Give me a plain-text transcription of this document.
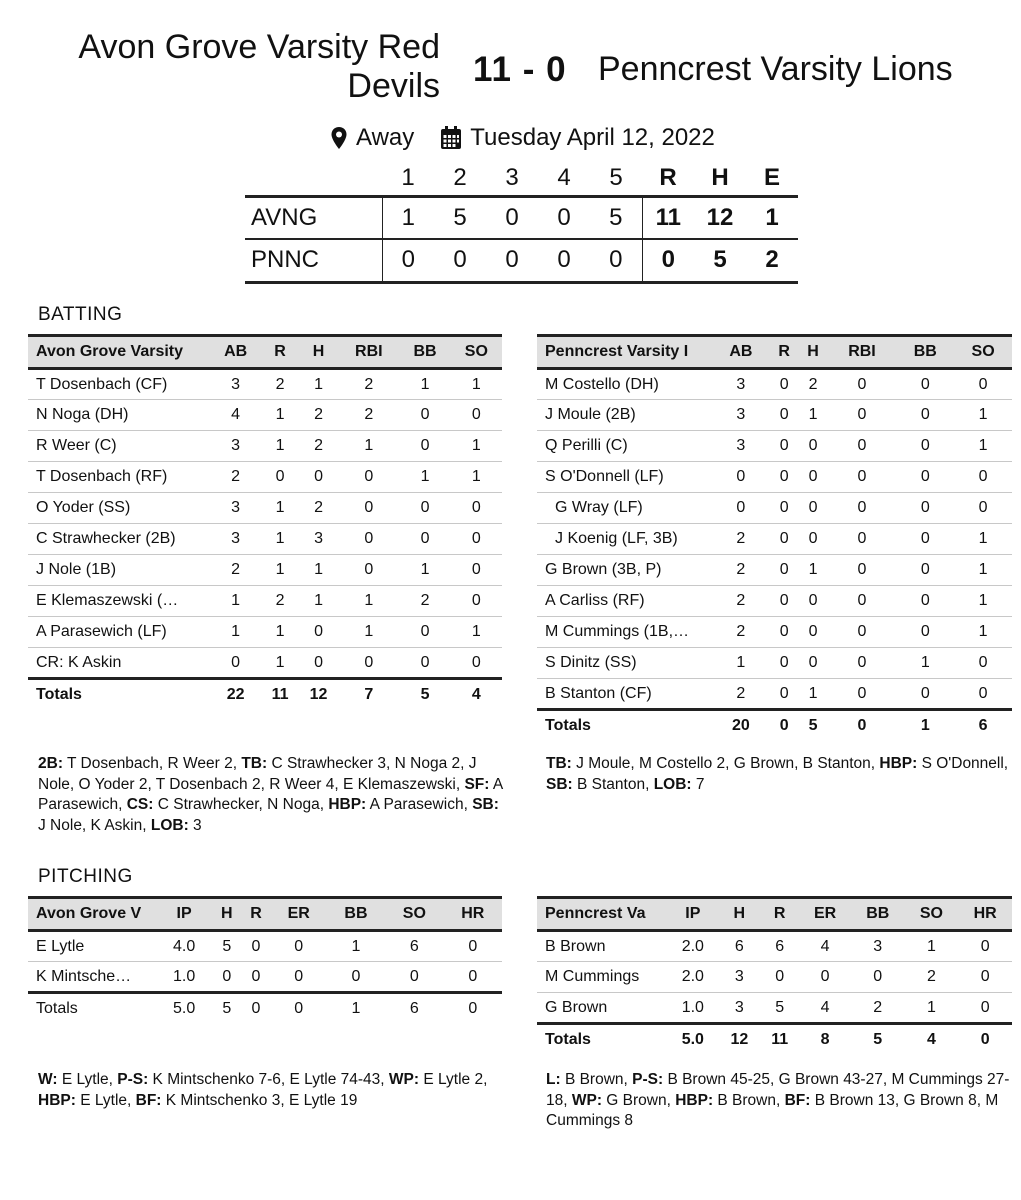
Avon Grove Varsity Red Devils 11 - 0 Penncrest Varsity Lions
Away Tuesday April 12, 2022
	1	2	3	4	5	R	H	E
AVNG	1	5	0	0	5	11	12	1
PNNC	0	0	0	0	0	0	5	2
BATTING
Avon Grove Varsity	AB	R	H	RBI	BB	SO
T Dosenbach (CF)	3	2	1	2	1	1
N Noga (DH)	4	1	2	2	0	0
R Weer (C)	3	1	2	1	0	1
T Dosenbach (RF)	2	0	0	0	1	1
O Yoder (SS)	3	1	2	0	0	0
C Strawhecker (2B)	3	1	3	0	0	0
J Nole (1B)	2	1	1	0	1	0
E Klemaszewski (…	1	2	1	1	2	0
A Parasewich (LF)	1	1	0	1	0	1
CR: K Askin	0	1	0	0	0	0
Totals	22	11	12	7	5	4
Penncrest Varsity I	AB	R	H	RBI	BB	SO
M Costello (DH)	3	0	2	0	0	0
J Moule (2B)	3	0	1	0	0	1
Q Perilli (C)	3	0	0	0	0	1
S O'Donnell (LF)	0	0	0	0	0	0
G Wray (LF)	0	0	0	0	0	0
J Koenig (LF, 3B)	2	0	0	0	0	1
G Brown (3B, P)	2	0	1	0	0	1
A Carliss (RF)	2	0	0	0	0	1
M Cummings (1B,…	2	0	0	0	0	1
S Dinitz (SS)	1	0	0	0	1	0
B Stanton (CF)	2	0	1	0	0	0
Totals	20	0	5	0	1	6
2B: T Dosenbach, R Weer 2, TB: C Strawhecker 3, N Noga 2, J Nole, O Yoder 2, T Dosenbach 2, R Weer 4, E Klemaszewski, SF: A Parasewich, CS: C Strawhecker, N Noga, HBP: A Parasewich, SB: J Nole, K Askin, LOB: 3
TB: J Moule, M Costello 2, G Brown, B Stanton, HBP: S O'Donnell, SB: B Stanton, LOB: 7
PITCHING
Avon Grove V	IP	H	R	ER	BB	SO	HR
E Lytle	4.0	5	0	0	1	6	0
K Mintsche…	1.0	0	0	0	0	0	0
Totals	5.0	5	0	0	1	6	0
Penncrest Va	IP	H	R	ER	BB	SO	HR
B Brown	2.0	6	6	4	3	1	0
M Cummings	2.0	3	0	0	0	2	0
G Brown	1.0	3	5	4	2	1	0
Totals	5.0	12	11	8	5	4	0
W: E Lytle, P-S: K Mintschenko 7-6, E Lytle 74-43, WP: E Lytle 2, HBP: E Lytle, BF: K Mintschenko 3, E Lytle 19
L: B Brown, P-S: B Brown 45-25, G Brown 43-27, M Cummings 27-18, WP: G Brown, HBP: B Brown, BF: B Brown 13, G Brown 8, M Cummings 8
